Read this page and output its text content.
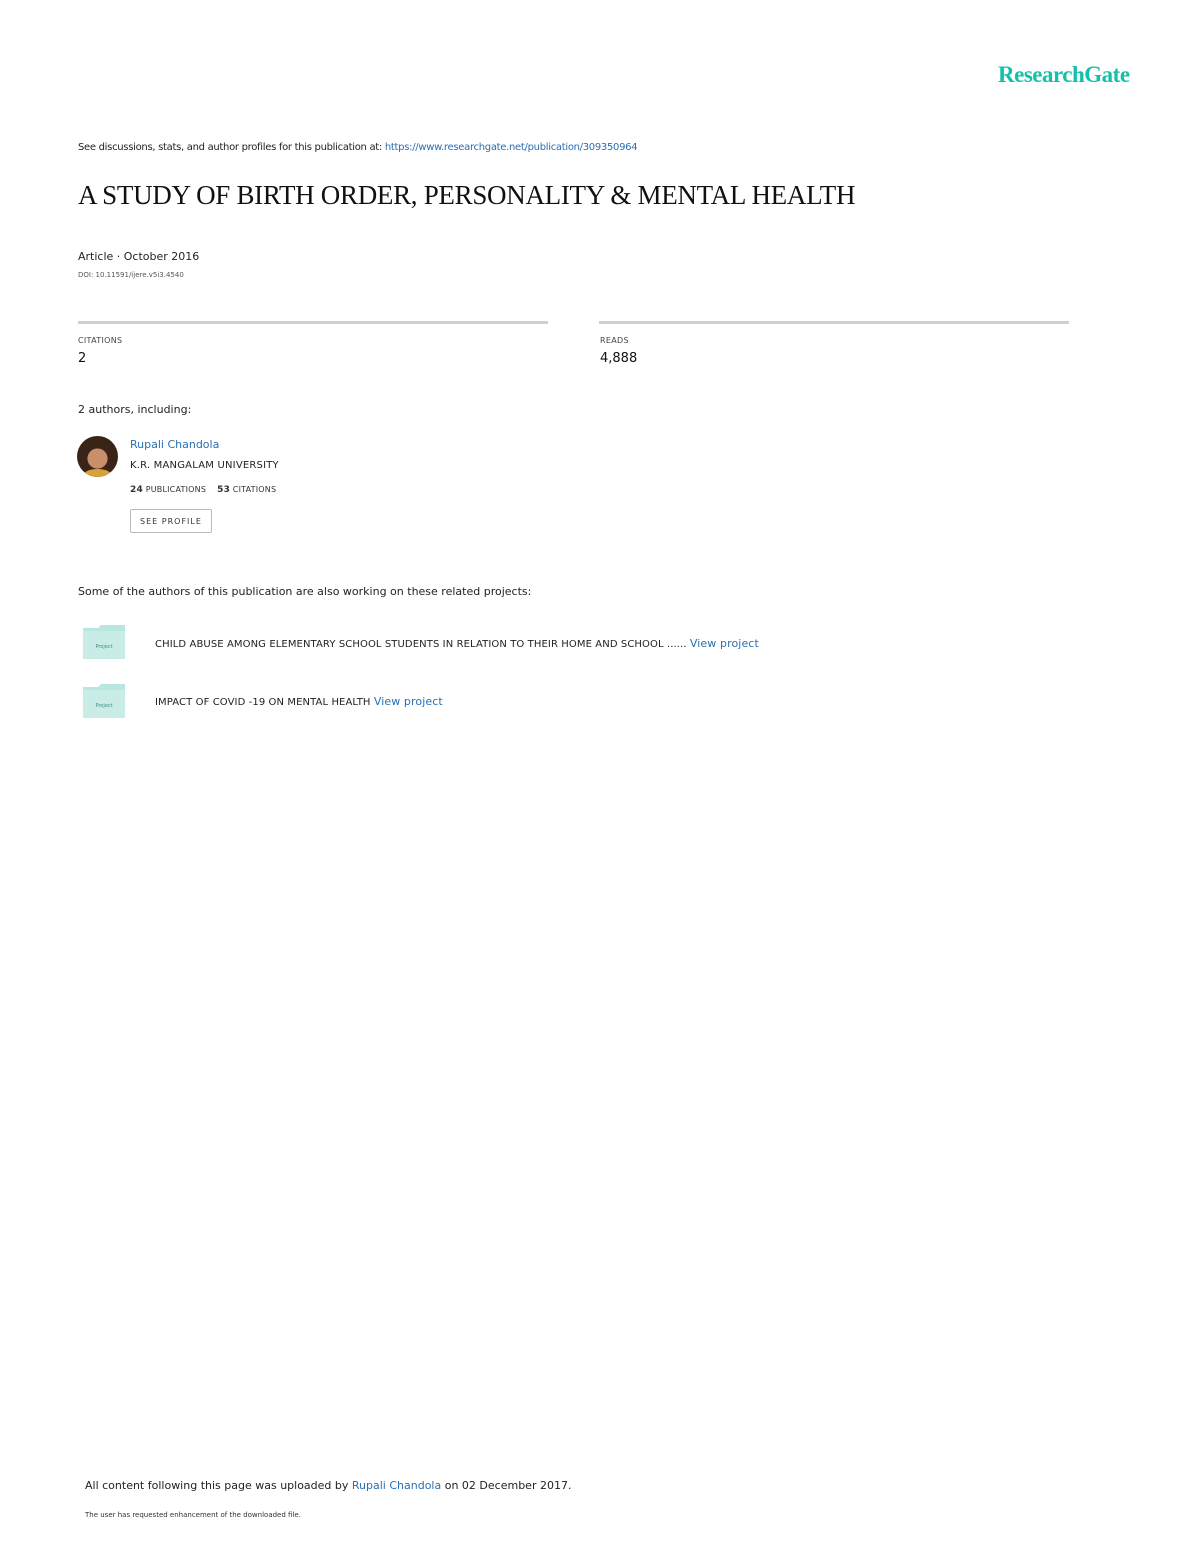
ResearchGate
See discussions, stats, and author profiles for this publication at: https://www.researchgate.net/publication/309350964
A STUDY OF BIRTH ORDER, PERSONALITY & MENTAL HEALTH
Article · October 2016
DOI: 10.11591/ijere.v5i3.4540
CITATIONS
2
READS
4,888
2 authors, including:
Rupali Chandola
K.R. MANGALAM UNIVERSITY
24 PUBLICATIONS 53 CITATIONS
SEE PROFILE
Some of the authors of this publication are also working on these related projects:
Project	CHILD ABUSE AMONG ELEMENTARY SCHOOL STUDENTS IN RELATION TO THEIR HOME AND SCHOOL ...... View project
Project	IMPACT OF COVID -19 ON MENTAL HEALTH View project
All content following this page was uploaded by Rupali Chandola on 02 December 2017.
The user has requested enhancement of the downloaded file.
